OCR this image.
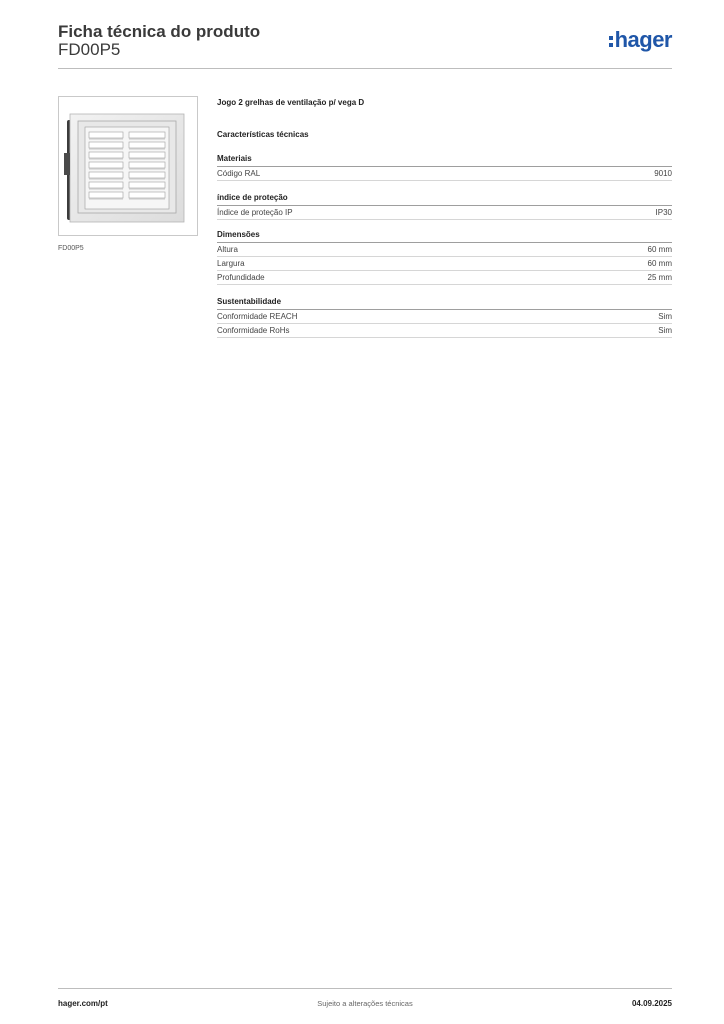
Ficha técnica do produto
FD00P5	hager
FD00P5
Jogo 2 grelhas de ventilação p/ vega D
Características técnicas
Materiais
Código RAL	9010
índice de proteção
Índice de proteção IP	IP30
Dimensões
Altura	60 mm
Largura	60 mm
Profundidade	25 mm
Sustentabilidade
Conformidade REACH	Sim
Conformidade RoHs	Sim
hager.com/pt	Sujeito a alterações técnicas	04.09.2025
